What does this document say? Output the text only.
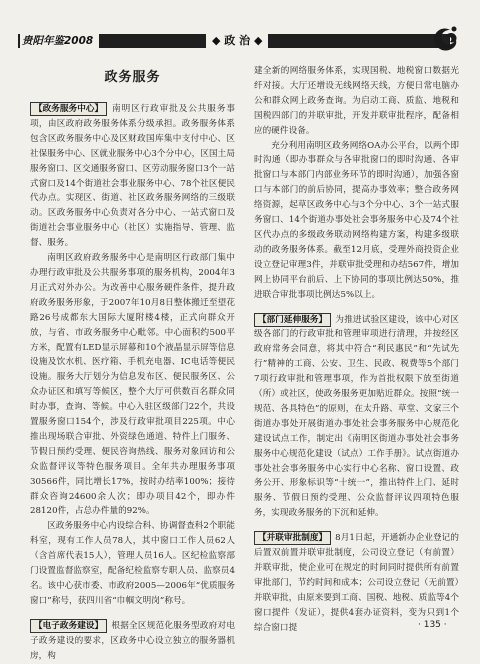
贵阳年鉴2008	◆ 政 治 ◆
政务服务

【政务服务中心】 南明区行政审批及公共服务事项，由区政府政务服务体系分级承担。政务服务体系包含区政务服务中心及区财政国库集中支付中心、区社保服务中心、区就业服务中心3个分中心，区国土局服务窗口、区交通服务窗口、区劳动服务窗口3个一站式窗口及14个街道社会事业服务中心、78个社区便民代办点。实现区、街道、社区政务服务网络的三级联动。区政务服务中心负责对各分中心、一站式窗口及街道社会事业服务中心（社区）实施指导、管理、监督、服务。

南明区政府政务服务中心是南明区行政部门集中办理行政审批及公共服务事项的服务机构，2004年3月正式对外办公。为改善中心服务硬件条件，提升政府政务服务形象，于2007年10月8日整体搬迁至望花路26号成都东大国际大厦附楼4楼，正式向群众开放，与省、市政务服务中心毗邻。中心面积约500平方米，配置有LED显示屏幕和10个液晶显示屏等信息设施及饮水机、医疗箱、手机充电器、IC电话等便民设施。服务大厅划分为信息发布区、便民服务区、公众办证区和填写等候区，整个大厅可供数百名群众同时办事，查询、等候。中心入驻区级部门22个，共设置服务窗口154个，涉及行政审批项目225项。中心推出现场联合审批、外资绿色通道、特件上门服务、节假日预约受理、便民咨询热线、服务对象回访和公众监督评议等特色服务项目。全年共办理服务事项30566件，同比增长17%，按时办结率100%；接待群众咨询24600余人次；即办项目42个，即办件28120件，占总办件量的92%。

区政务服务中心内设综合科、协调督查科2个职能科室，现有工作人员78人，其中窗口工作人员62人（含首席代表15人），管理人员16人。区纪检监察部门设置监督监察室，配备纪检监察专职人员、监察员4名。该中心获市委、市政府2005—2006年“优质服务窗口”称号，获四川省“巾帼文明岗”称号。

【电子政务建设】 根据全区规范化服务型政府对电子政务建设的要求，区政务中心设立独立的服务器机房，构

建全新的网络服务体系，实现国税、地税窗口数据光纤对接。大厅还增设无线网络天线，方便日常电脑办公和群众网上政务查询。为启动工商、质监、地税和国税四部门的并联审批，开发并联审批程序，配备相应的硬件设备。

充分利用南明区政务网络OA办公平台，以两个即时沟通（即办事群众与各审批窗口的即时沟通、各审批窗口与本部门内部业务环节的即时沟通），加强各窗口与本部门的前后协同，提高办事效率；整合政务网络资源，起草区政务中心与3个分中心、3个一站式服务窗口、14个街道办事处社会事务服务中心及74个社区代办点的多级政务联动网络构建方案，构建多级联动的政务服务体系。截至12月底，受理外商投资企业设立登记审理3件，并联审批受理和办结567件，增加网上协同平台前后、上下协同的事项比例达50%，推进联合审批事项比例达5%以上。

【部门延伸服务】 为推进试验区建设，该中心对区级各部门的行政审批和管理审项进行清理，并按经区政府常务会同意，将其中符合“利民惠民”和“先试先行”精神的工商、公安、卫生、民政、税费等5个部门7项行政审批和管理事项，作为首批权限下放至街道（所）或社区，使政务服务更加贴近群众。按照“统一规范、各具特色”的原则，在太升路、草堂、文家三个街道办事处开展街道办事处社会事务服务中心规范化建设试点工作，制定出《南明区街道办事处社会事务服务中心规范化建设（试点）工作手册》。试点街道办事处社会事务服务中心实行中心名称、窗口设置、政务公开、形象标识等“十统一”，推出特件上门、延时服务、节假日预约受理、公众监督评议四项特色服务，实现政务服务的下沉和延伸。

【并联审批制度】 8月1日起，开通新办企业登记的后置双前置并联审批制度，公司设立登记（有前置）并联审批，使企业可在规定的时间同时提供所有前置审批部门，节约时间和成本；公司设立登记（无前置）并联审批，由原来要到工商、国税、地税、质监等4个窗口提件（发证），提供4套办证资料，变为只到1个综合窗口提	· 135 ·
